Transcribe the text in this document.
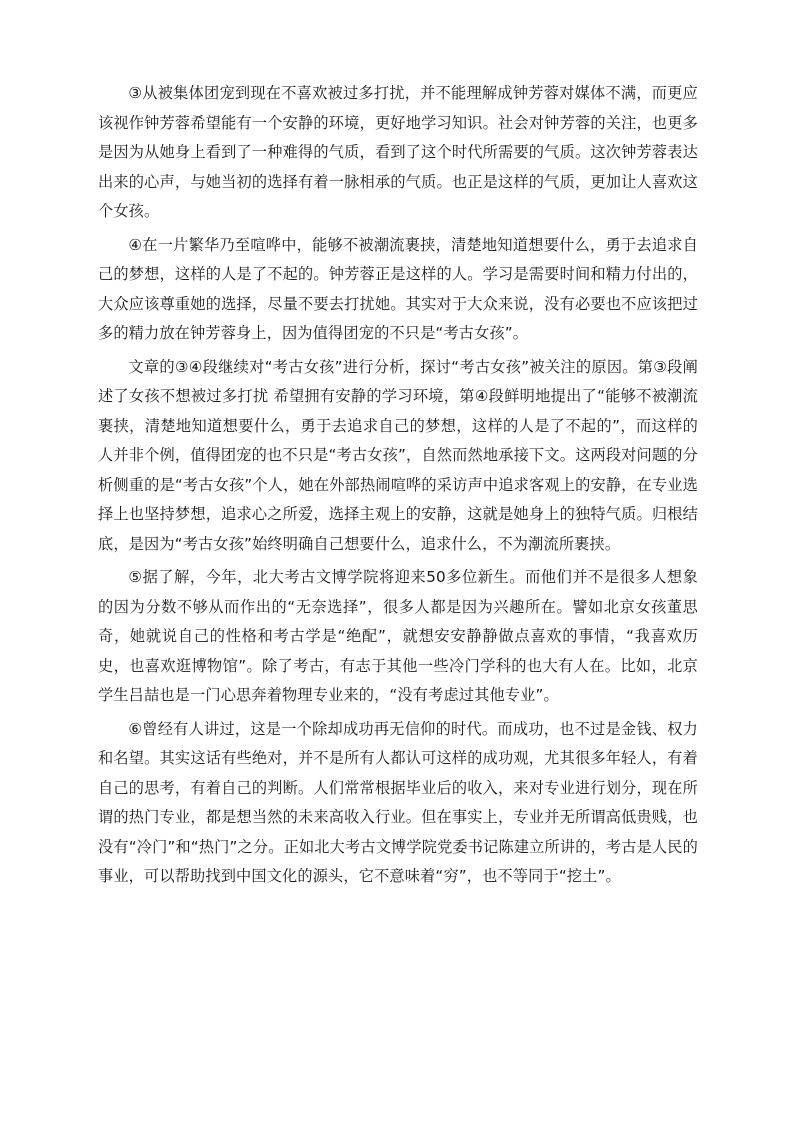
③从被集体团宠到现在不喜欢被过多打扰，并不能理解成钟芳蓉对媒体不满，而更应该视作钟芳蓉希望能有一个安静的环境，更好地学习知识。社会对钟芳蓉的关注，也更多是因为从她身上看到了一种难得的气质，看到了这个时代所需要的气质。这次钟芳蓉表达出来的心声，与她当初的选择有着一脉相承的气质。也正是这样的气质，更加让人喜欢这个女孩。

④在一片繁华乃至喧哗中，能够不被潮流裹挟，清楚地知道想要什么，勇于去追求自己的梦想，这样的人是了不起的。钟芳蓉正是这样的人。学习是需要时间和精力付出的，大众应该尊重她的选择，尽量不要去打扰她。其实对于大众来说，没有必要也不应该把过多的精力放在钟芳蓉身上，因为值得团宠的不只是“考古女孩”。

文章的③④段继续对“考古女孩”进行分析，探讨“考古女孩”被关注的原因。第③段阐述了女孩不想被过多打扰 希望拥有安静的学习环境，第④段鲜明地提出了“能够不被潮流裹挟，清楚地知道想要什么，勇于去追求自己的梦想，这样的人是了不起的”，而这样的人并非个例，值得团宠的也不只是“考古女孩”，自然而然地承接下文。这两段对问题的分析侧重的是“考古女孩”个人，她在外部热闹喧哗的采访声中追求客观上的安静，在专业选择上也坚持梦想，追求心之所爱，选择主观上的安静，这就是她身上的独特气质。归根结底，是因为“考古女孩”始终明确自己想要什么，追求什么，不为潮流所裹挟。

⑤据了解，今年，北大考古文博学院将迎来50多位新生。而他们并不是很多人想象的因为分数不够从而作出的“无奈选择”，很多人都是因为兴趣所在。譬如北京女孩董思奇，她就说自己的性格和考古学是“绝配”，就想安安静静做点喜欢的事情，“我喜欢历史，也喜欢逛博物馆”。除了考古，有志于其他一些冷门学科的也大有人在。比如，北京学生吕喆也是一门心思奔着物理专业来的，“没有考虑过其他专业”。

⑥曾经有人讲过，这是一个除却成功再无信仰的时代。而成功，也不过是金钱、权力和名望。其实这话有些绝对，并不是所有人都认可这样的成功观，尤其很多年轻人，有着自己的思考，有着自己的判断。人们常常根据毕业后的收入，来对专业进行划分，现在所谓的热门专业，都是想当然的未来高收入行业。但在事实上，专业并无所谓高低贵贱，也没有“冷门”和“热门”之分。正如北大考古文博学院党委书记陈建立所讲的，考古是人民的事业，可以帮助找到中国文化的源头，它不意味着“穷”，也不等同于“挖土”。
